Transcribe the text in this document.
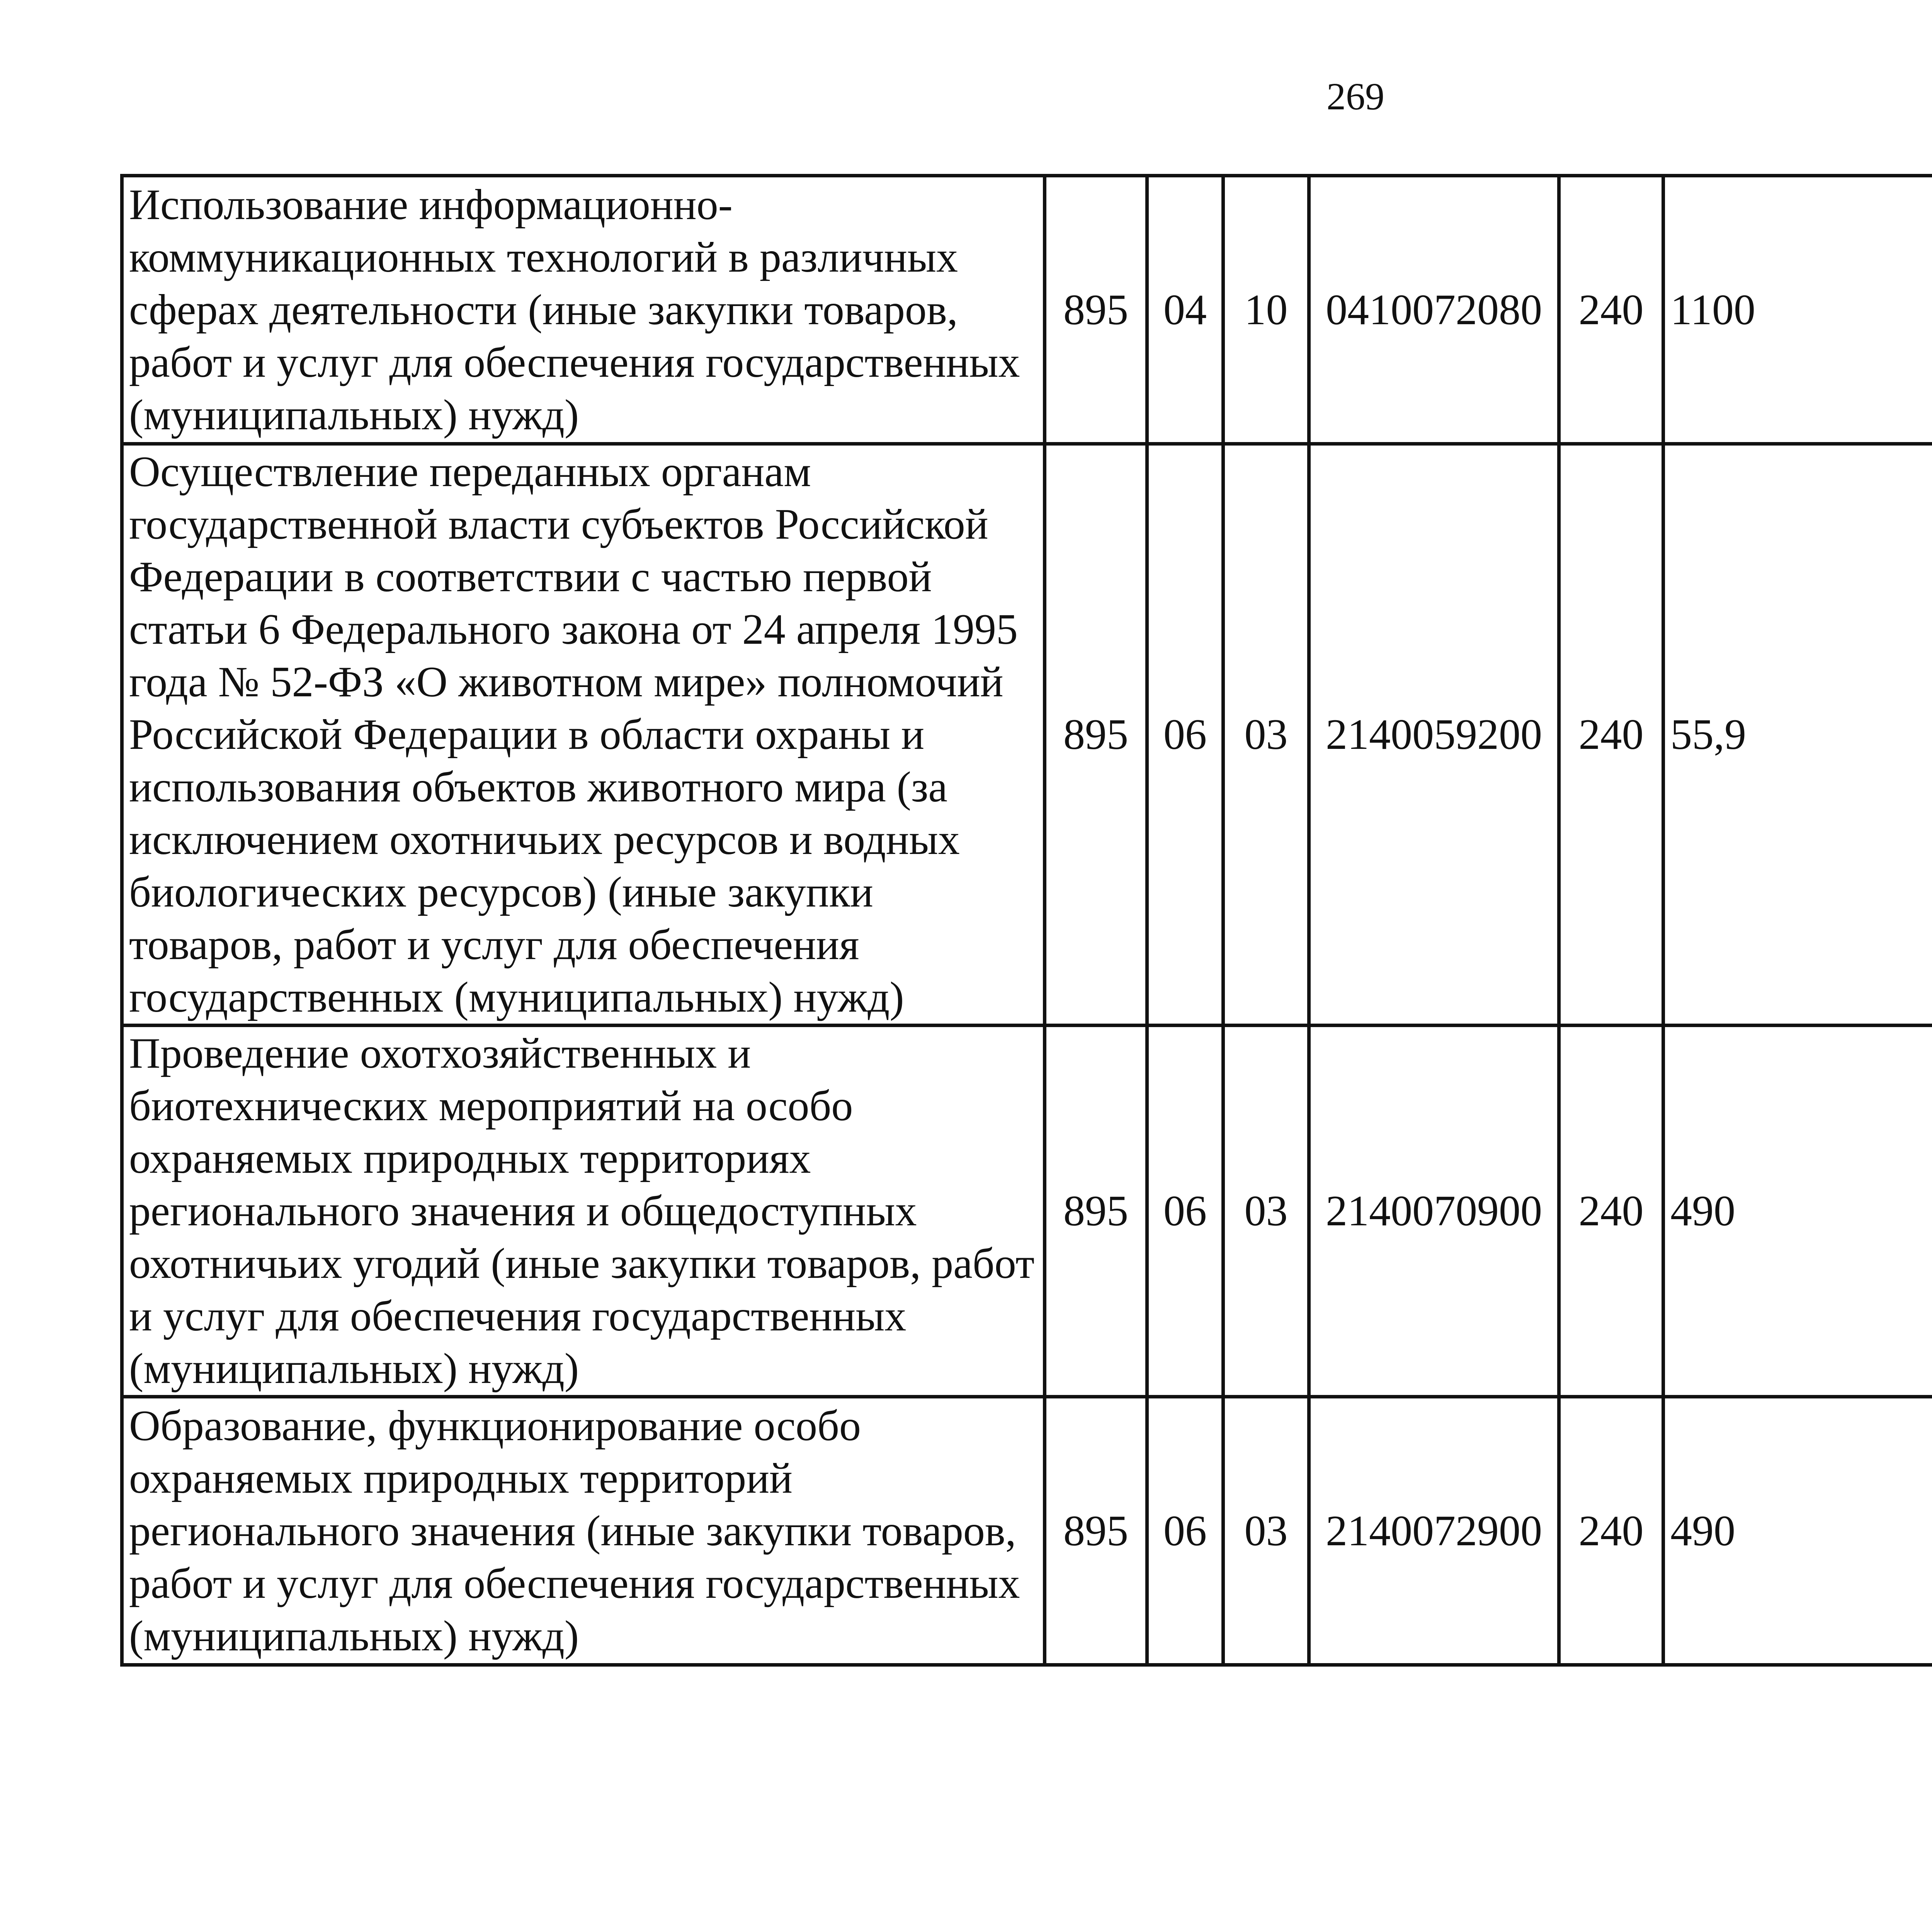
269
Использование информационно-коммуникационных технологий в различных сферах деятельности (иные закупки товаров, работ и услуг для обеспечения государственных (муниципальных) нужд)	895	04	10	0410072080	240	1100		
Осуществление переданных органам государственной власти субъектов Российской Федерации в соответствии с частью первой статьи 6 Федерального закона от 24 апреля 1995 года № 52-ФЗ «О животном мире» полномочий Российской Федерации в области охраны и использования объектов животного мира (за исключением охотничьих ресурсов и водных биологических ресурсов) (иные закупки товаров, работ и услуг для обеспечения государственных (муниципальных) нужд)	895	06	03	2140059200	240	55,9		
Проведение охотхозяйственных и биотехнических мероприятий на особо охраняемых природных территориях регионального значения и общедоступных охотничьих угодий (иные закупки товаров, работ и услуг для обеспечения государственных (муниципальных) нужд)	895	06	03	2140070900	240	490		
Образование, функционирование особо охраняемых природных территорий регионального значения (иные закупки товаров, работ и услуг для обеспечения государственных (муниципальных) нужд)	895	06	03	2140072900	240	490		
